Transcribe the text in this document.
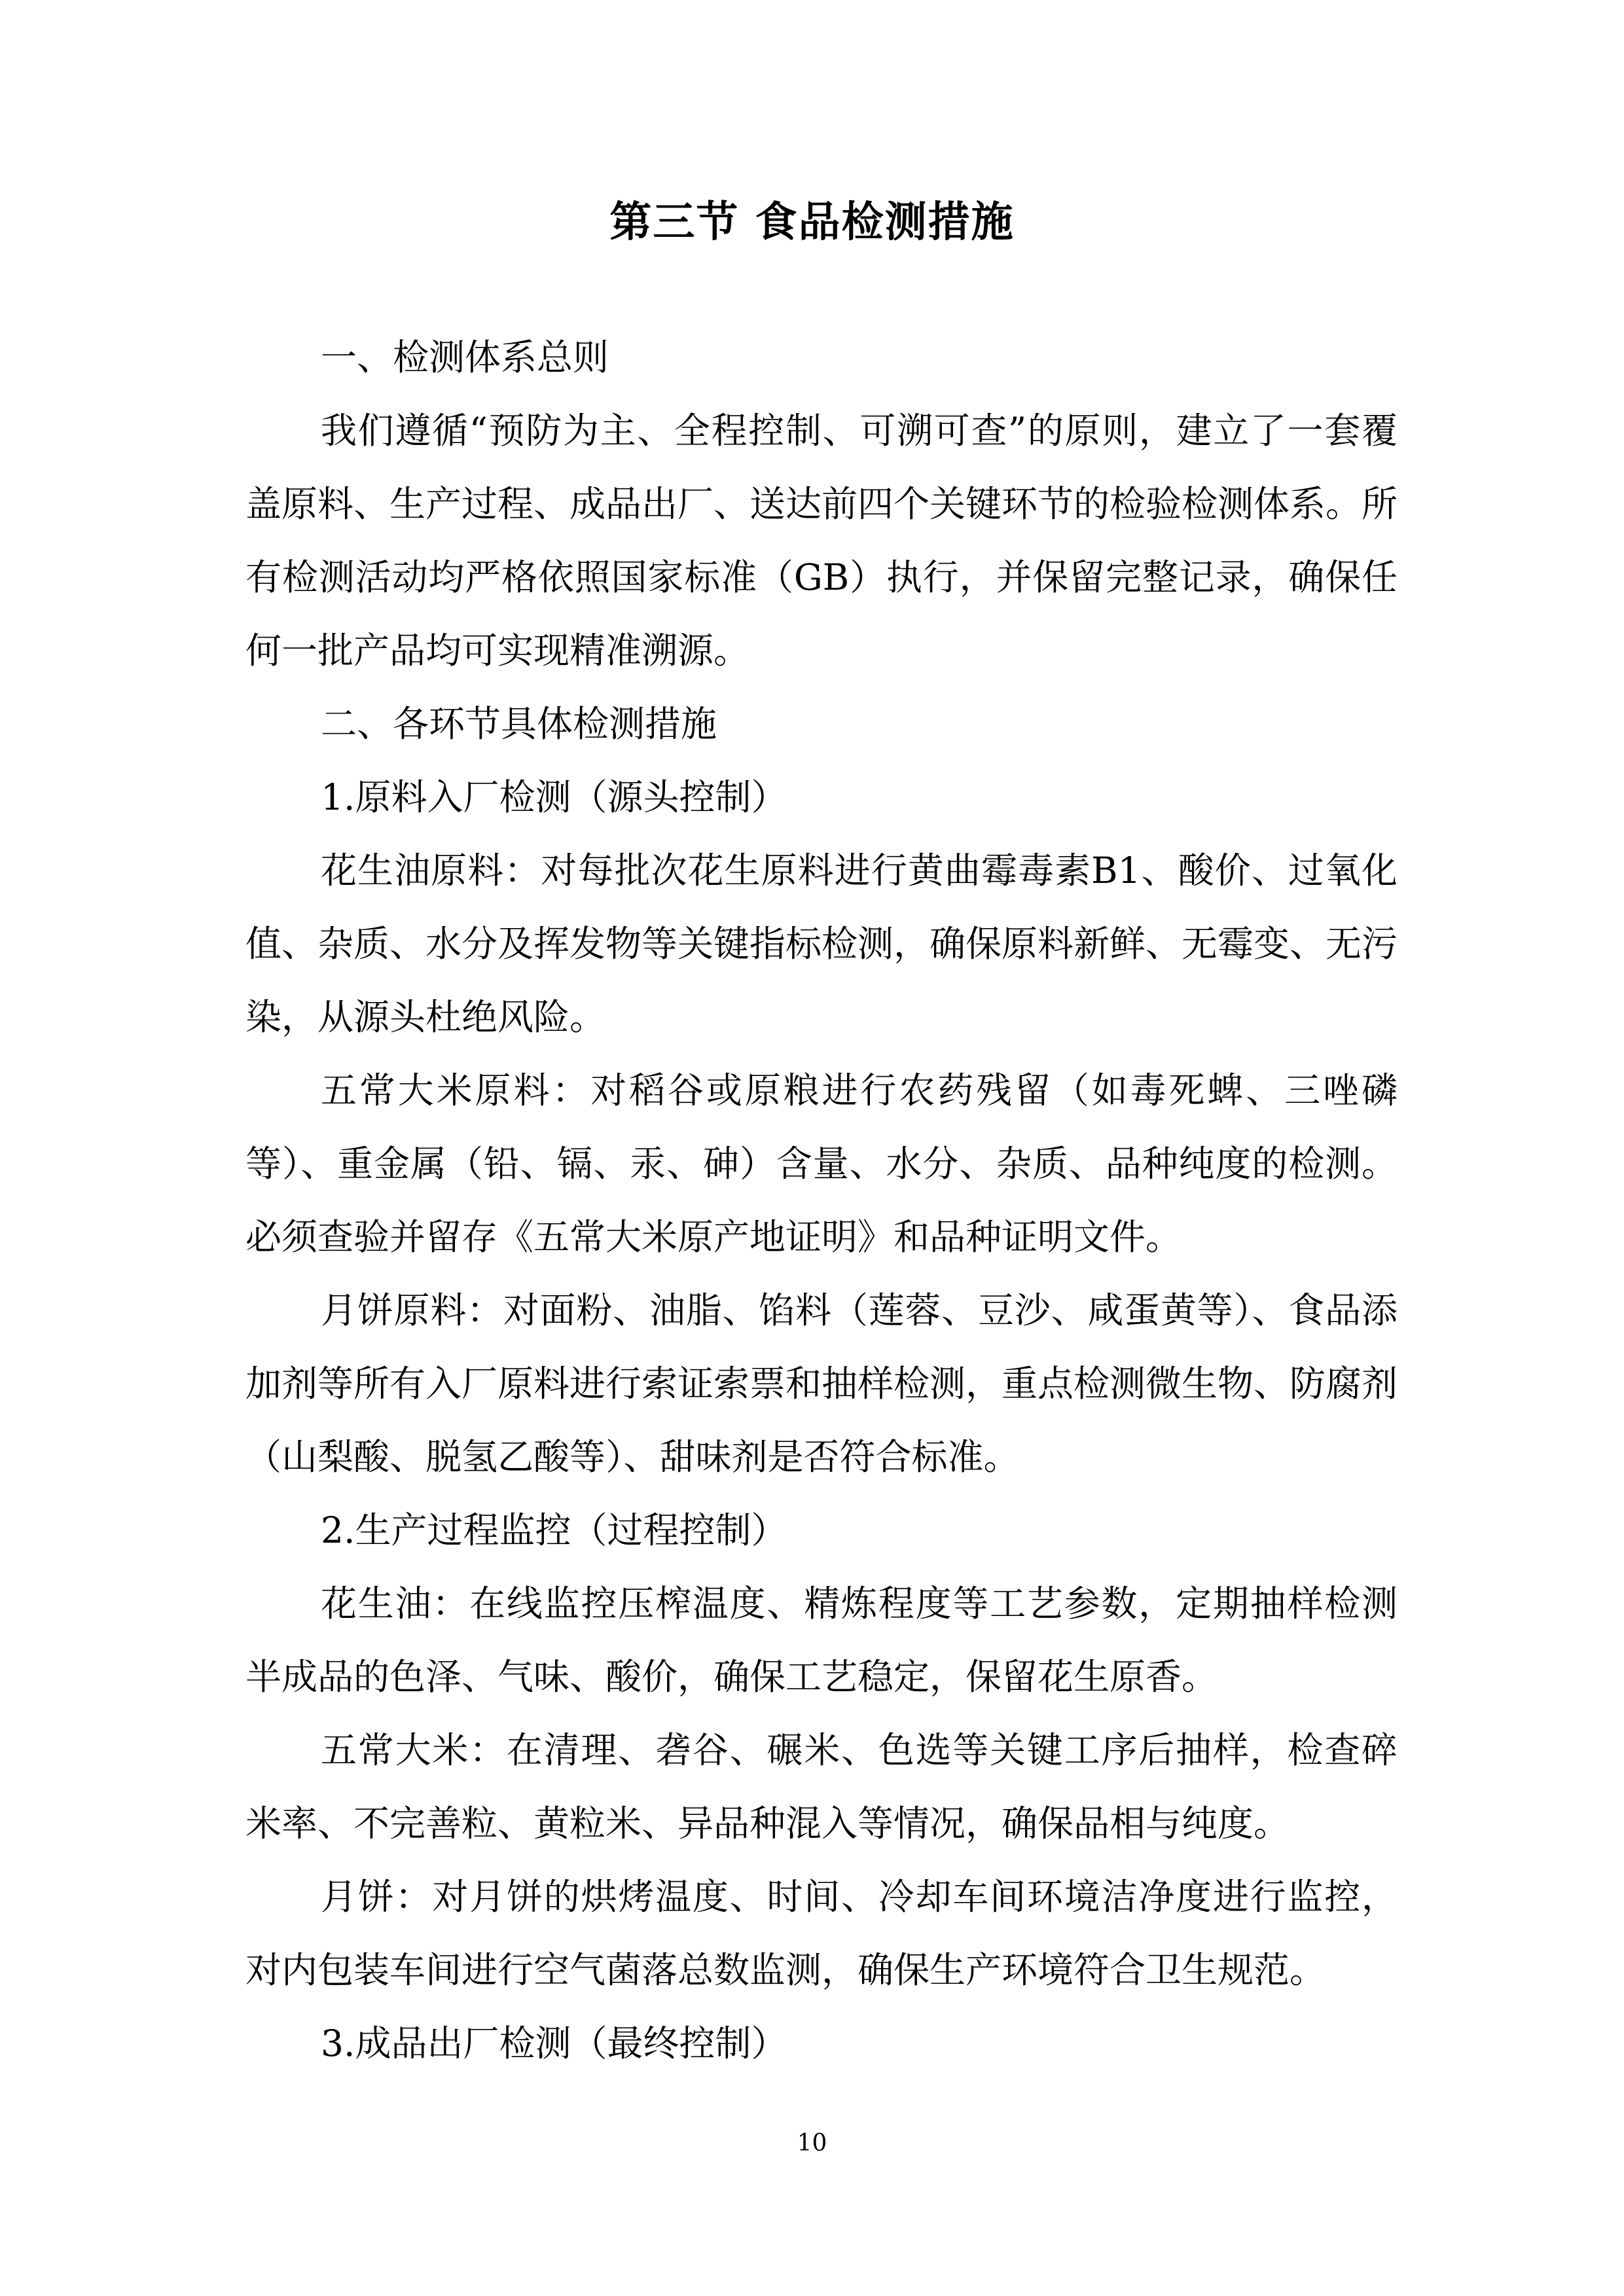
第三节 食品检测措施

一、检测体系总则

我们遵循“预防为主、全程控制、可溯可查”的原则，建立了一套覆盖原料、生产过程、成品出厂、送达前四个关键环节的检验检测体系。所有检测活动均严格依照国家标准（GB）执行，并保留完整记录，确保任何一批产品均可实现精准溯源。

二、各环节具体检测措施

1.原料入厂检测（源头控制）

花生油原料：对每批次花生原料进行黄曲霉毒素B1、酸价、过氧化值、杂质、水分及挥发物等关键指标检测，确保原料新鲜、无霉变、无污染，从源头杜绝风险。

五常大米原料：对稻谷或原粮进行农药残留（如毒死蜱、三唑磷等）、重金属（铅、镉、汞、砷）含量、水分、杂质、品种纯度的检测。必须查验并留存《五常大米原产地证明》和品种证明文件。

月饼原料：对面粉、油脂、馅料（莲蓉、豆沙、咸蛋黄等）、食品添加剂等所有入厂原料进行索证索票和抽样检测，重点检测微生物、防腐剂（山梨酸、脱氢乙酸等）、甜味剂是否符合标准。

2.生产过程监控（过程控制）

花生油：在线监控压榨温度、精炼程度等工艺参数，定期抽样检测半成品的色泽、气味、酸价，确保工艺稳定，保留花生原香。

五常大米：在清理、砻谷、碾米、色选等关键工序后抽样，检查碎米率、不完善粒、黄粒米、异品种混入等情况，确保品相与纯度。

月饼：对月饼的烘烤温度、时间、冷却车间环境洁净度进行监控，对内包装车间进行空气菌落总数监测，确保生产环境符合卫生规范。

3.成品出厂检测（最终控制）

10
